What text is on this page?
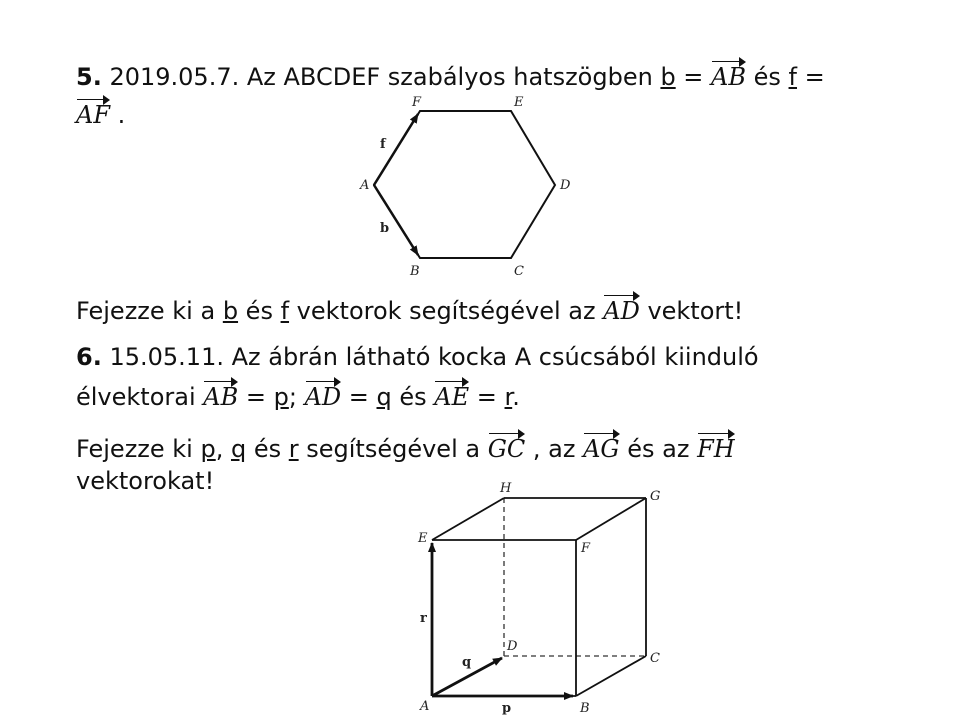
5. 2019.05.7. Az ABCDEF szabályos hatszögben b = AB és f =
AF .	F	E
A	D
B	C
f
b
Fejezze ki a b és f vektorok segítségével az AD vektort!
6. 15.05.11. Az ábrán látható kocka A csúcsából kiinduló
élvektorai AB = p; AD = q és AE = r.
Fejezze ki p, q és r segítségével a GC , az AG és az FH
vektorokat!	H
G
E
F
D
C
A	B
r
q
p
